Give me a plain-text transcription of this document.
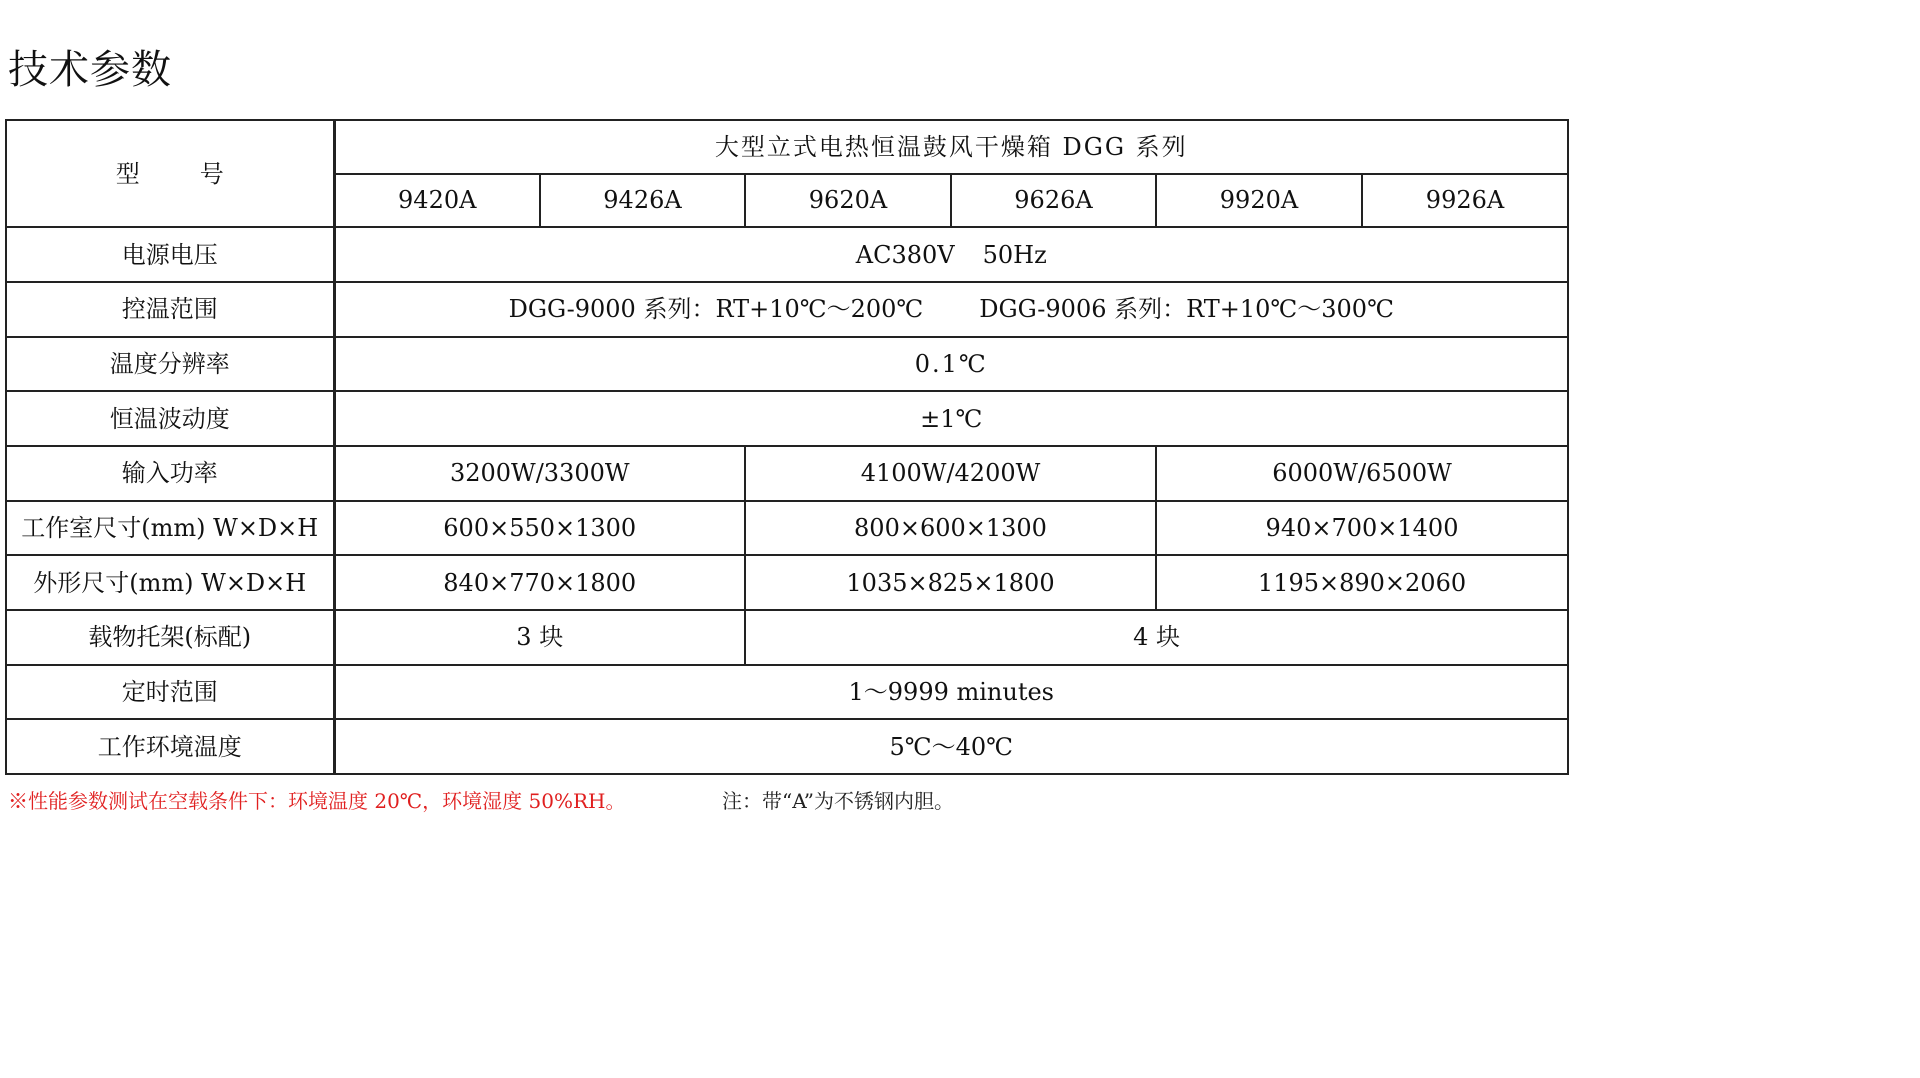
技术参数
型 号	大型立式电热恒温鼓风干燥箱 DGG 系列					
	9420A	9426A	9620A	9626A	9920A	9926A
电源电压	AC380V 50Hz					
控温范围	DGG-9000 系列：RT+10℃～200℃ DGG-9006 系列：RT+10℃～300℃					
温度分辨率	0.1℃					
恒温波动度	±1℃					
输入功率	3200W/3300W		4100W/4200W		6000W/6500W	
工作室尺寸(mm) W×D×H	600×550×1300		800×600×1300		940×700×1400	
外形尺寸(mm) W×D×H	840×770×1800		1035×825×1800		1195×890×2060	
载物托架(标配)	3 块		4 块			
定时范围	1～9999 minutes					
工作环境温度	5℃～40℃					
※性能参数测试在空载条件下：环境温度 20℃，环境湿度 50%RH。	注：带“A”为不锈钢内胆。
